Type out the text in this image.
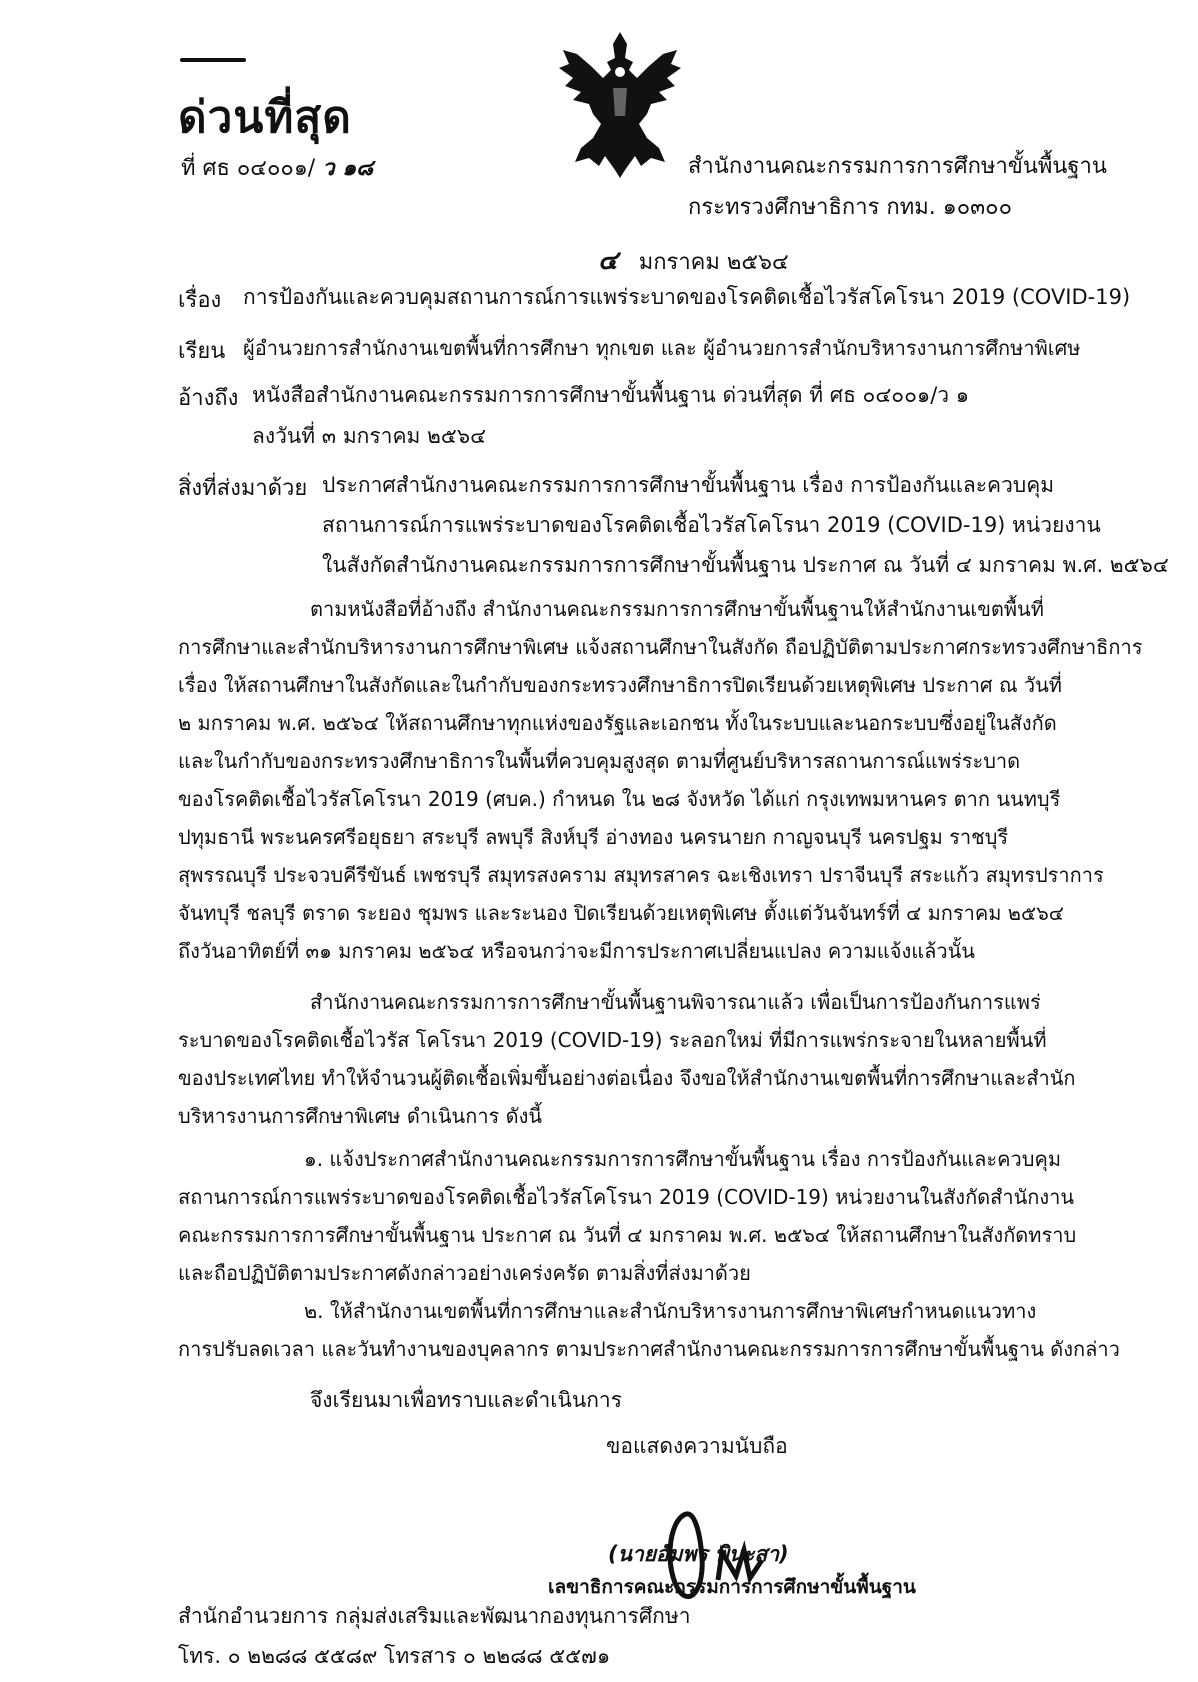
ด่วนที่สุด
ที่ ศธ ๐๔๐๐๑/ ว ๑๘	สำนักงานคณะกรรมการการศึกษาขั้นพื้นฐาน
กระทรวงศึกษาธิการ กทม. ๑๐๓๐๐
๔ มกราคม ๒๕๖๔
เรื่อง การป้องกันและควบคุมสถานการณ์การแพร่ระบาดของโรคติดเชื้อไวรัสโคโรนา 2019 (COVID-19)
เรียน ผู้อำนวยการสำนักงานเขตพื้นที่การศึกษา ทุกเขต และ ผู้อำนวยการสำนักบริหารงานการศึกษาพิเศษ
อ้างถึง หนังสือสำนักงานคณะกรรมการการศึกษาขั้นพื้นฐาน ด่วนที่สุด ที่ ศธ ๐๔๐๐๑/ว ๑
ลงวันที่ ๓ มกราคม ๒๕๖๔
สิ่งที่ส่งมาด้วย ประกาศสำนักงานคณะกรรมการการศึกษาขั้นพื้นฐาน เรื่อง การป้องกันและควบคุม
สถานการณ์การแพร่ระบาดของโรคติดเชื้อไวรัสโคโรนา 2019 (COVID-19) หน่วยงาน
ในสังกัดสำนักงานคณะกรรมการการศึกษาขั้นพื้นฐาน ประกาศ ณ วันที่ ๔ มกราคม พ.ศ. ๒๕๖๔
ตามหนังสือที่อ้างถึง สำนักงานคณะกรรมการการศึกษาขั้นพื้นฐานให้สำนักงานเขตพื้นที่
การศึกษาและสำนักบริหารงานการศึกษาพิเศษ แจ้งสถานศึกษาในสังกัด ถือปฏิบัติตามประกาศกระทรวงศึกษาธิการ
เรื่อง ให้สถานศึกษาในสังกัดและในกำกับของกระทรวงศึกษาธิการปิดเรียนด้วยเหตุพิเศษ ประกาศ ณ วันที่
๒ มกราคม พ.ศ. ๒๕๖๔ ให้สถานศึกษาทุกแห่งของรัฐและเอกชน ทั้งในระบบและนอกระบบซึ่งอยู่ในสังกัด
และในกำกับของกระทรวงศึกษาธิการในพื้นที่ควบคุมสูงสุด ตามที่ศูนย์บริหารสถานการณ์แพร่ระบาด
ของโรคติดเชื้อไวรัสโคโรนา 2019 (ศบค.) กำหนด ใน ๒๘ จังหวัด ได้แก่ กรุงเทพมหานคร ตาก นนทบุรี
ปทุมธานี พระนครศรีอยุธยา สระบุรี ลพบุรี สิงห์บุรี อ่างทอง นครนายก กาญจนบุรี นครปฐม ราชบุรี
สุพรรณบุรี ประจวบคีรีขันธ์ เพชรบุรี สมุทรสงคราม สมุทรสาคร ฉะเชิงเทรา ปราจีนบุรี สระแก้ว สมุทรปราการ
จันทบุรี ชลบุรี ตราด ระยอง ชุมพร และระนอง ปิดเรียนด้วยเหตุพิเศษ ตั้งแต่วันจันทร์ที่ ๔ มกราคม ๒๕๖๔
ถึงวันอาทิตย์ที่ ๓๑ มกราคม ๒๕๖๔ หรือจนกว่าจะมีการประกาศเปลี่ยนแปลง ความแจ้งแล้วนั้น
สำนักงานคณะกรรมการการศึกษาขั้นพื้นฐานพิจารณาแล้ว เพื่อเป็นการป้องกันการแพร่
ระบาดของโรคติดเชื้อไวรัส โคโรนา 2019 (COVID-19) ระลอกใหม่ ที่มีการแพร่กระจายในหลายพื้นที่
ของประเทศไทย ทำให้จำนวนผู้ติดเชื้อเพิ่มขึ้นอย่างต่อเนื่อง จึงขอให้สำนักงานเขตพื้นที่การศึกษาและสำนัก
บริหารงานการศึกษาพิเศษ ดำเนินการ ดังนี้
๑. แจ้งประกาศสำนักงานคณะกรรมการการศึกษาขั้นพื้นฐาน เรื่อง การป้องกันและควบคุม
สถานการณ์การแพร่ระบาดของโรคติดเชื้อไวรัสโคโรนา 2019 (COVID-19) หน่วยงานในสังกัดสำนักงาน
คณะกรรมการการศึกษาขั้นพื้นฐาน ประกาศ ณ วันที่ ๔ มกราคม พ.ศ. ๒๕๖๔ ให้สถานศึกษาในสังกัดทราบ
และถือปฏิบัติตามประกาศดังกล่าวอย่างเคร่งครัด ตามสิ่งที่ส่งมาด้วย
๒. ให้สำนักงานเขตพื้นที่การศึกษาและสำนักบริหารงานการศึกษาพิเศษกำหนดแนวทาง
การปรับลดเวลา และวันทำงานของบุคลากร ตามประกาศสำนักงานคณะกรรมการการศึกษาขั้นพื้นฐาน ดังกล่าว
จึงเรียนมาเพื่อทราบและดำเนินการ
ขอแสดงความนับถือ
(นายอัมพร พินะสา)
เลขาธิการคณะกรรมการการศึกษาขั้นพื้นฐาน
สำนักอำนวยการ กลุ่มส่งเสริมและพัฒนากองทุนการศึกษา
โทร. ๐ ๒๒๘๘ ๕๕๘๙ โทรสาร ๐ ๒๒๘๘ ๕๕๗๑
